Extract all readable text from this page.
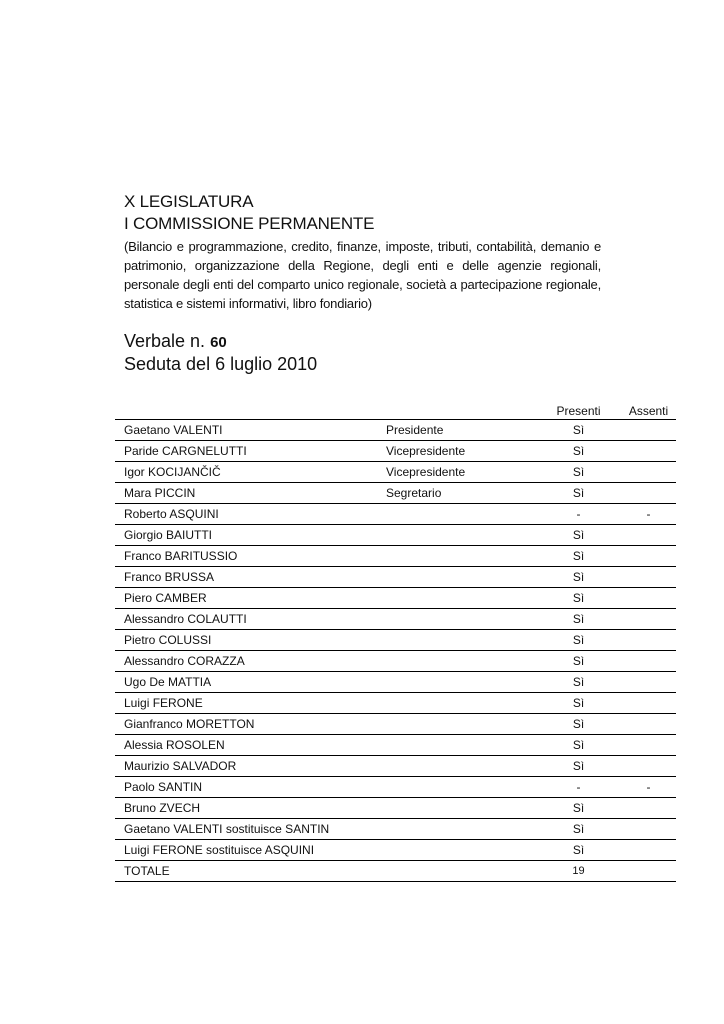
X LEGISLATURA
I COMMISSIONE PERMANENTE
(Bilancio e programmazione, credito, finanze, imposte, tributi, contabilità, demanio e patrimonio, organizzazione della Regione, degli enti e delle agenzie regionali, personale degli enti del comparto unico regionale, società a partecipazione regionale, statistica e sistemi informativi, libro fondiario)
Verbale n. 60
Seduta del 6 luglio 2010
		Presenti	Assenti
Gaetano VALENTI	Presidente	Sì	
Paride CARGNELUTTI	Vicepresidente	Sì	
Igor KOCIJANČIČ	Vicepresidente	Sì	
Mara PICCIN	Segretario	Sì	
Roberto ASQUINI		-	-
Giorgio BAIUTTI		Sì	
Franco BARITUSSIO		Sì	
Franco BRUSSA		Sì	
Piero CAMBER		Sì	
Alessandro COLAUTTI		Sì	
Pietro COLUSSI		Sì	
Alessandro CORAZZA		Sì	
Ugo De MATTIA		Sì	
Luigi FERONE		Sì	
Gianfranco MORETTON		Sì	
Alessia ROSOLEN		Sì	
Maurizio SALVADOR		Sì	
Paolo SANTIN		-	-
Bruno ZVECH		Sì	
Gaetano VALENTI sostituisce SANTIN		Sì	
Luigi FERONE sostituisce ASQUINI		Sì	
TOTALE		19	
